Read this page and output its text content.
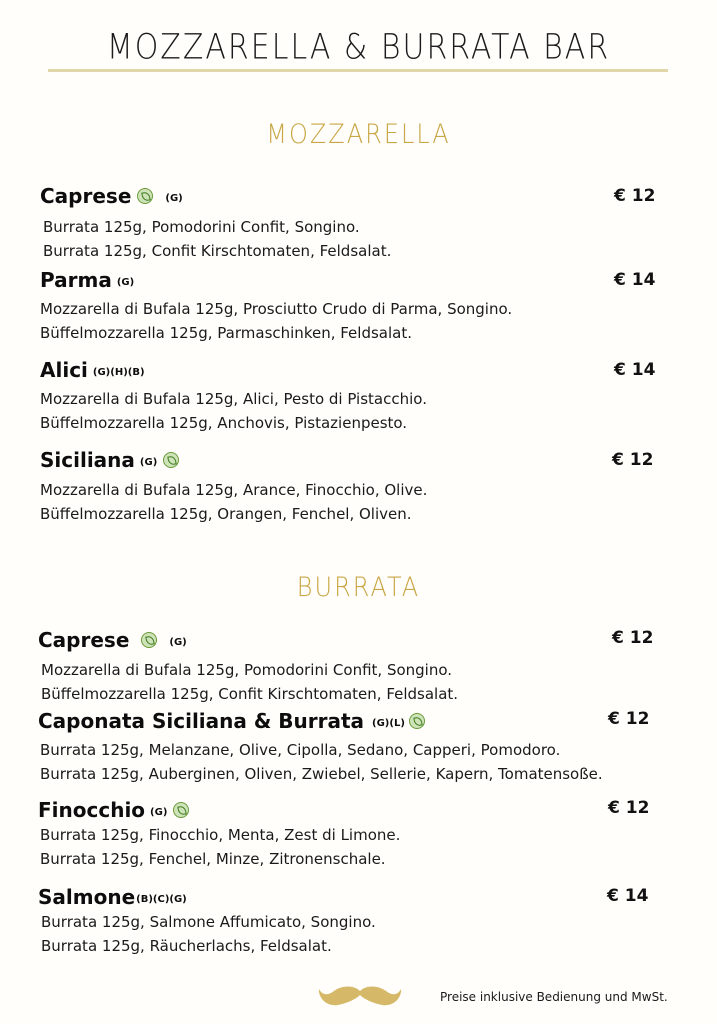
MOZZARELLA & BURRATA BAR
MOZZARELLA
Caprese	(G)	€ 12
Burrata 125g, Pomodorini Confit, Songino.
Burrata 125g, Confit Kirschtomaten, Feldsalat.
Parma (G)	€ 14
Mozzarella di Bufala 125g, Prosciutto Crudo di Parma, Songino.
Büffelmozzarella 125g, Parmaschinken, Feldsalat.
Alici (G)(H)(B)	€ 14
Mozzarella di Bufala 125g, Alici, Pesto di Pistacchio.
Büffelmozzarella 125g, Anchovis, Pistazienpesto.
Siciliana (G)	€ 12
Mozzarella di Bufala 125g, Arance, Finocchio, Olive.
Büffelmozzarella 125g, Orangen, Fenchel, Oliven.
BURRATA
Caprese	(G)	€ 12
Mozzarella di Bufala 125g, Pomodorini Confit, Songino.
Büffelmozzarella 125g, Confit Kirschtomaten, Feldsalat.
Caponata Siciliana & Burrata (G)(L)	€ 12
Burrata 125g, Melanzane, Olive, Cipolla, Sedano, Capperi, Pomodoro.
Burrata 125g, Auberginen, Oliven, Zwiebel, Sellerie, Kapern, Tomatensoße.
Finocchio (G)	€ 12
Burrata 125g, Finocchio, Menta, Zest di Limone.
Burrata 125g, Fenchel, Minze, Zitronenschale.
Salmone (B)(C)(G)	€ 14
Burrata 125g, Salmone Affumicato, Songino.
Burrata 125g, Räucherlachs, Feldsalat.
Preise inklusive Bedienung und MwSt.
